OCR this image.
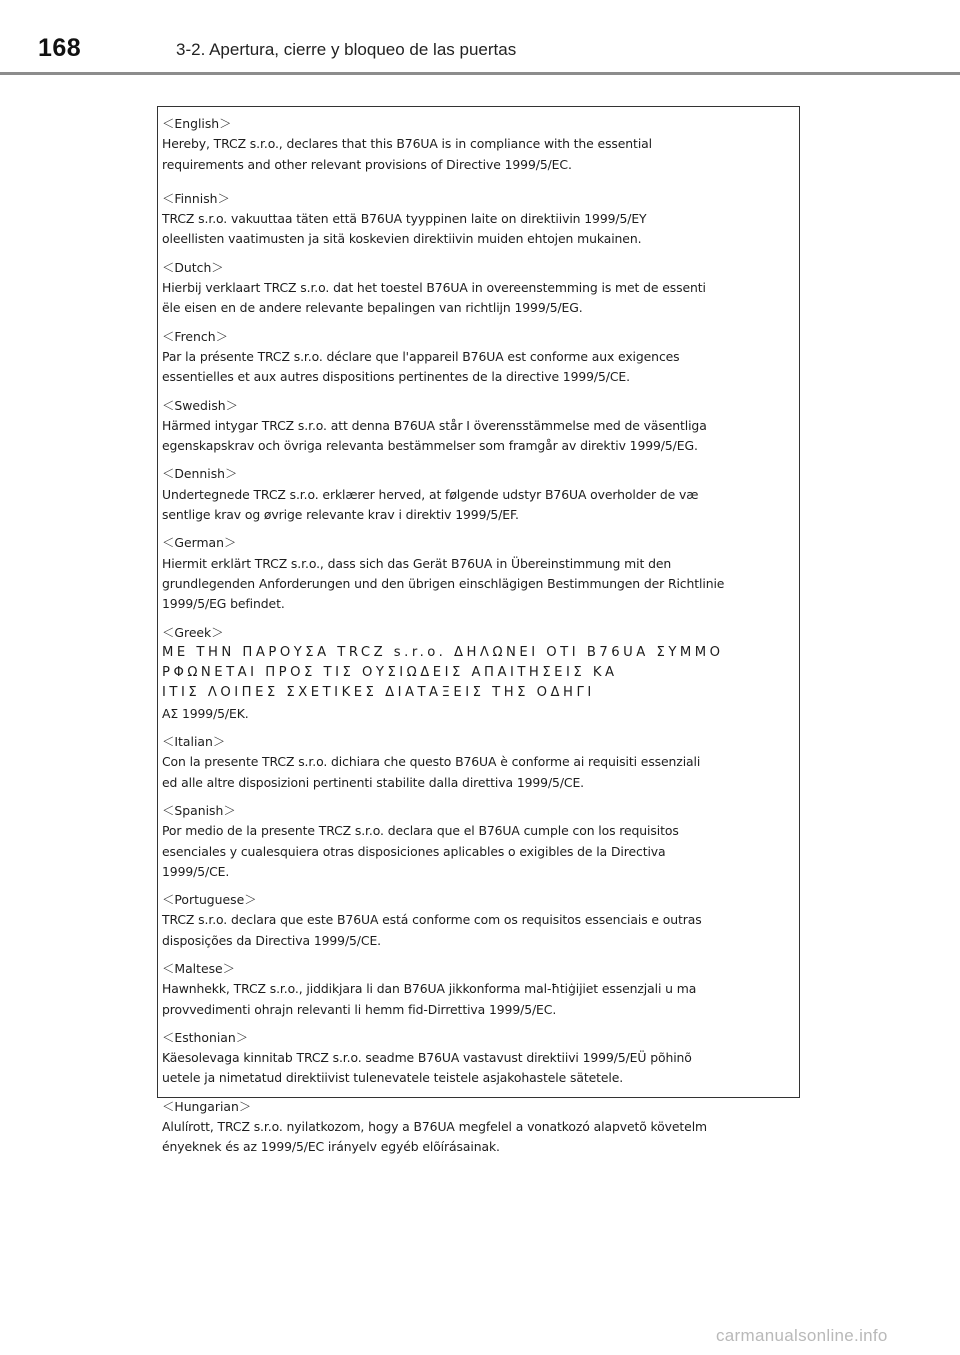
168	3-2. Apertura, cierre y bloqueo de las puertas
＜English＞
Hereby, TRCZ s.r.o., declares that this B76UA is in compliance with the essential
requirements and other relevant provisions of Directive 1999/5/EC.
＜Finnish＞
TRCZ s.r.o. vakuuttaa täten että B76UA tyyppinen laite on direktiivin 1999/5/EY
oleellisten vaatimusten ja sitä koskevien direktiivin muiden ehtojen mukainen.
＜Dutch＞
Hierbij verklaart TRCZ s.r.o. dat het toestel B76UA in overeenstemming is met de essenti
ële eisen en de andere relevante bepalingen van richtlijn 1999/5/EG.
＜French＞
Par la présente TRCZ s.r.o. déclare que l'appareil B76UA est conforme aux exigences
essentielles et aux autres dispositions pertinentes de la directive 1999/5/CE.
＜Swedish＞
Härmed intygar TRCZ s.r.o. att denna B76UA står I överensstämmelse med de väsentliga
egenskapskrav och övriga relevanta bestämmelser som framgår av direktiv 1999/5/EG.
＜Dennish＞
Undertegnede TRCZ s.r.o. erklærer herved, at følgende udstyr B76UA overholder de væ
sentlige krav og øvrige relevante krav i direktiv 1999/5/EF.
＜German＞
Hiermit erklärt TRCZ s.r.o., dass sich das Gerät B76UA in Übereinstimmung mit den
grundlegenden Anforderungen und den übrigen einschlägigen Bestimmungen der Richtlinie
1999/5/EG befindet.
＜Greek＞
ΜΕ ΤΗΝ ΠΑΡΟΥΣΑ TRCZ s.r.o. ΔΗΛΩΝΕΙ ΟΤΙ B76UA ΣΥΜΜΟ
ΡΦΩΝΕΤΑΙ ΠΡΟΣ ΤΙΣ ΟΥΣΙΩΔΕΙΣ ΑΠΑΙΤΗΣΕΙΣ ΚΑ
ΙΤΙΣ ΛΟΙΠΕΣ ΣΧΕΤΙΚΕΣ ΔΙΑΤΑΞΕΙΣ ΤΗΣ ΟΔΗΓΙ
ΑΣ 1999/5/EK.
＜Italian＞
Con la presente TRCZ s.r.o. dichiara che questo B76UA è conforme ai requisiti essenziali
ed alle altre disposizioni pertinenti stabilite dalla direttiva 1999/5/CE.
＜Spanish＞
Por medio de la presente TRCZ s.r.o. declara que el B76UA cumple con los requisitos
esenciales y cualesquiera otras disposiciones aplicables o exigibles de la Directiva
1999/5/CE.
＜Portuguese＞
TRCZ s.r.o. declara que este B76UA está conforme com os requisitos essenciais e outras
disposições da Directiva 1999/5/CE.
＜Maltese＞
Hawnhekk, TRCZ s.r.o., jiddikjara li dan B76UA jikkonforma mal-ħtiġijiet essenzjali u ma
provvedimenti ohrajn relevanti li hemm fid-Dirrettiva 1999/5/EC.
＜Esthonian＞
Käesolevaga kinnitab TRCZ s.r.o. seadme B76UA vastavust direktiivi 1999/5/EÜ põhinõ
uetele ja nimetatud direktiivist tulenevatele teistele asjakohastele sätetele.
＜Hungarian＞
Alulírott, TRCZ s.r.o. nyilatkozom, hogy a B76UA megfelel a vonatkozó alapvetõ követelm
ényeknek és az 1999/5/EC irányelv egyéb elõírásainak.
carmanualsonline.info
